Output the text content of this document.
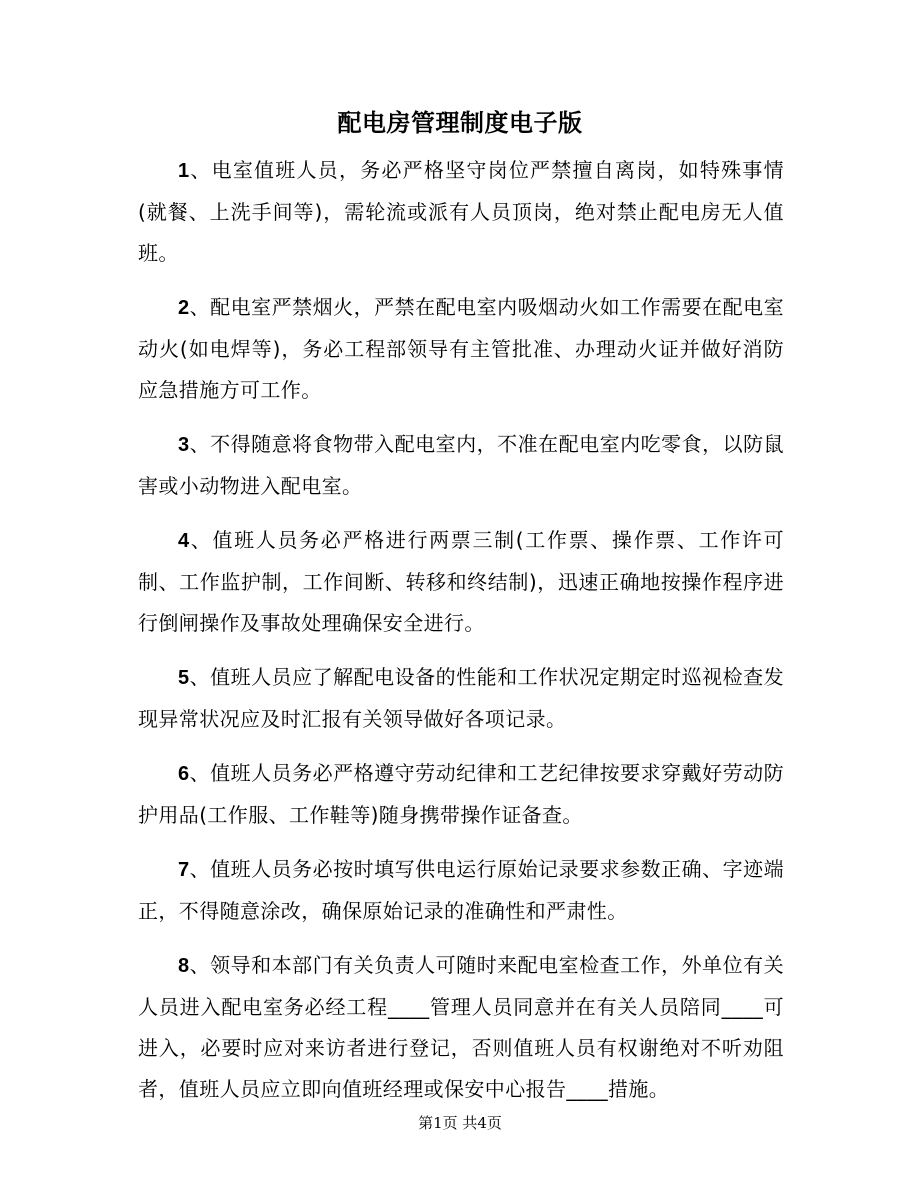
配电房管理制度电子版

1、电室值班人员，务必严格坚守岗位严禁擅自离岗，如特殊事情(就餐、上洗手间等)，需轮流或派有人员顶岗，绝对禁止配电房无人值班。

2、配电室严禁烟火，严禁在配电室内吸烟动火如工作需要在配电室动火(如电焊等)，务必工程部领导有主管批准、办理动火证并做好消防应急措施方可工作。

3、不得随意将食物带入配电室内，不准在配电室内吃零食，以防鼠害或小动物进入配电室。

4、值班人员务必严格进行两票三制(工作票、操作票、工作许可制、工作监护制，工作间断、转移和终结制)，迅速正确地按操作程序进行倒闸操作及事故处理确保安全进行。

5、值班人员应了解配电设备的性能和工作状况定期定时巡视检查发现异常状况应及时汇报有关领导做好各项记录。

6、值班人员务必严格遵守劳动纪律和工艺纪律按要求穿戴好劳动防护用品(工作服、工作鞋等)随身携带操作证备查。

7、值班人员务必按时填写供电运行原始记录要求参数正确、字迹端正，不得随意涂改，确保原始记录的准确性和严肃性。

8、领导和本部门有关负责人可随时来配电室检查工作，外单位有关人员进入配电室务必经工程____管理人员同意并在有关人员陪同____可进入，必要时应对来访者进行登记，否则值班人员有权谢绝对不听劝阻者，值班人员应立即向值班经理或保安中心报告____措施。

第1页 共4页
